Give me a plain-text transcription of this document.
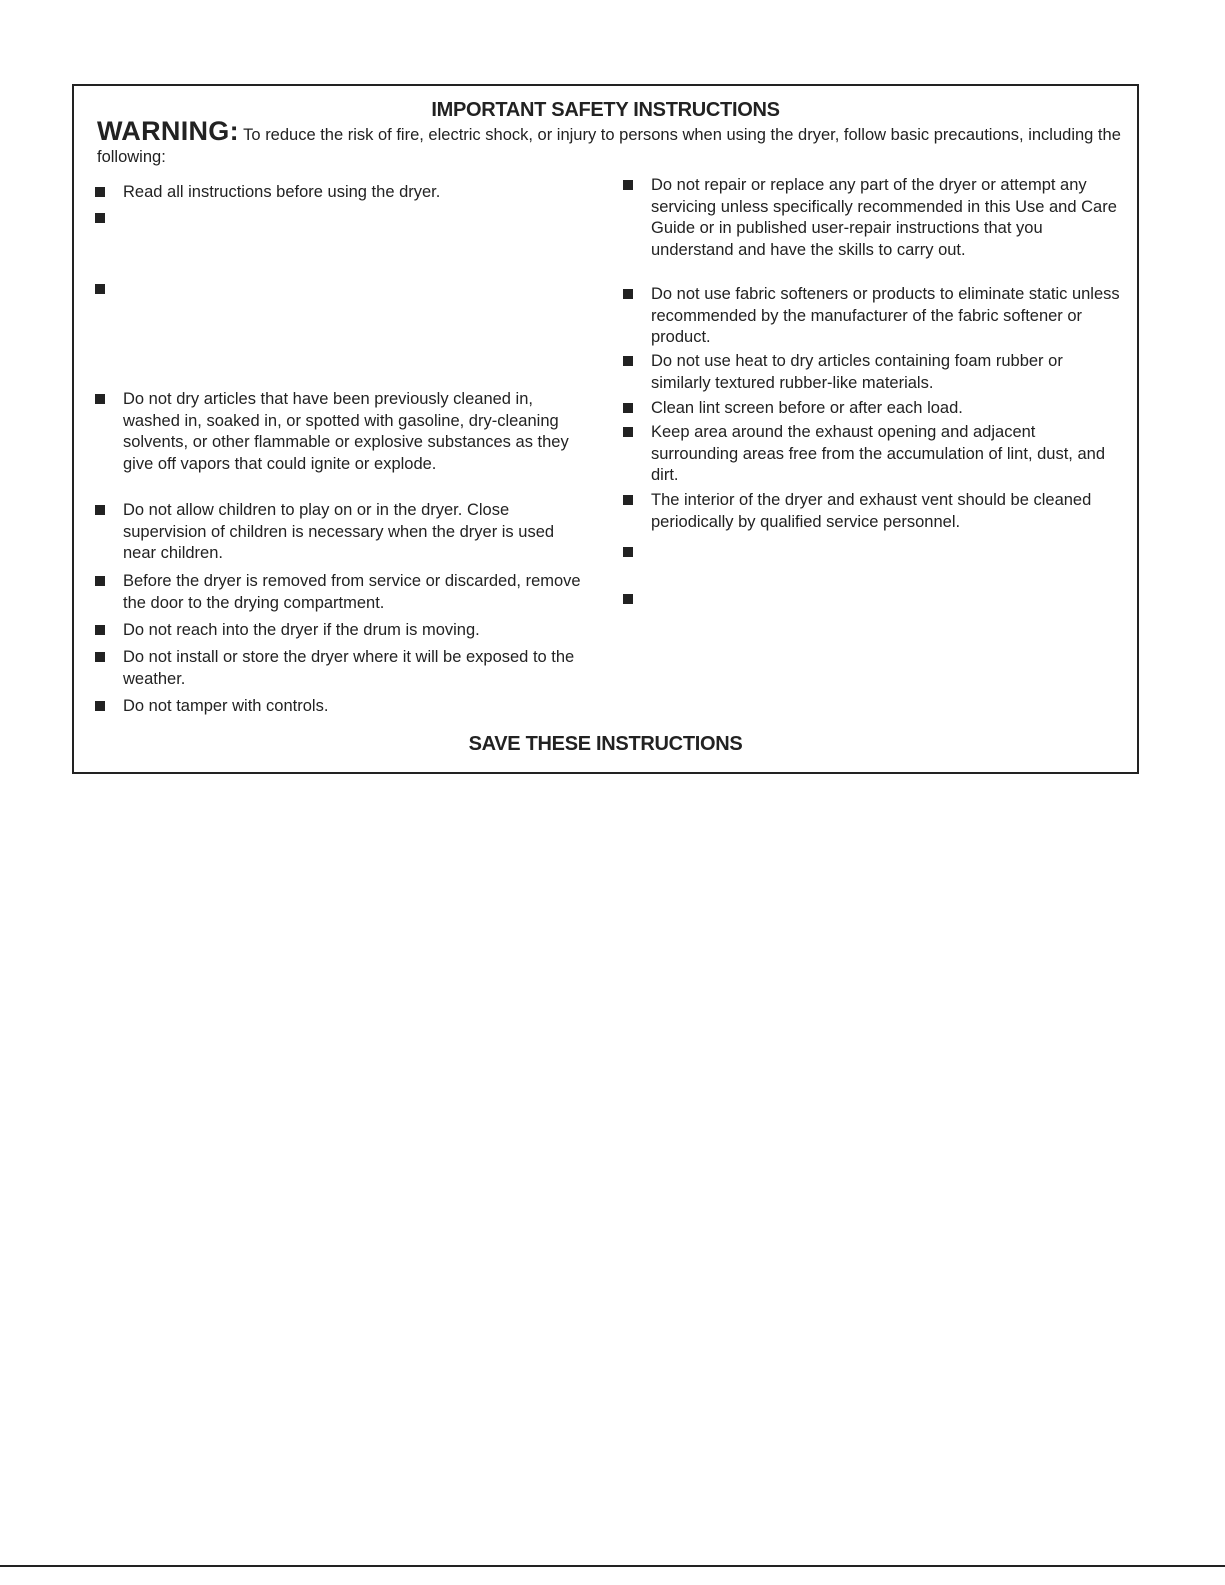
IMPORTANT SAFETY INSTRUCTIONS
WARNING: To reduce the risk of fire, electric shock, or injury to persons when using the dryer, follow basic precautions, including the following:
Read all instructions before using the dryer.
Do not dry articles that have been previously cleaned in, washed in, soaked in, or spotted with gasoline, dry-cleaning solvents, or other flammable or explosive substances as they give off vapors that could ignite or explode.
Do not allow children to play on or in the dryer. Close supervision of children is necessary when the dryer is used near children.
Before the dryer is removed from service or discarded, remove the door to the drying compartment.
Do not reach into the dryer if the drum is moving.
Do not install or store the dryer where it will be exposed to the weather.
Do not tamper with controls.
Do not repair or replace any part of the dryer or attempt any servicing unless specifically recommended in this Use and Care Guide or in published user-repair instructions that you understand and have the skills to carry out.
Do not use fabric softeners or products to eliminate static unless recommended by the manufacturer of the fabric softener or product.
Do not use heat to dry articles containing foam rubber or similarly textured rubber-like materials.
Clean lint screen before or after each load.
Keep area around the exhaust opening and adjacent surrounding areas free from the accumulation of lint, dust, and dirt.
The interior of the dryer and exhaust vent should be cleaned periodically by qualified service personnel.
SAVE THESE INSTRUCTIONS
